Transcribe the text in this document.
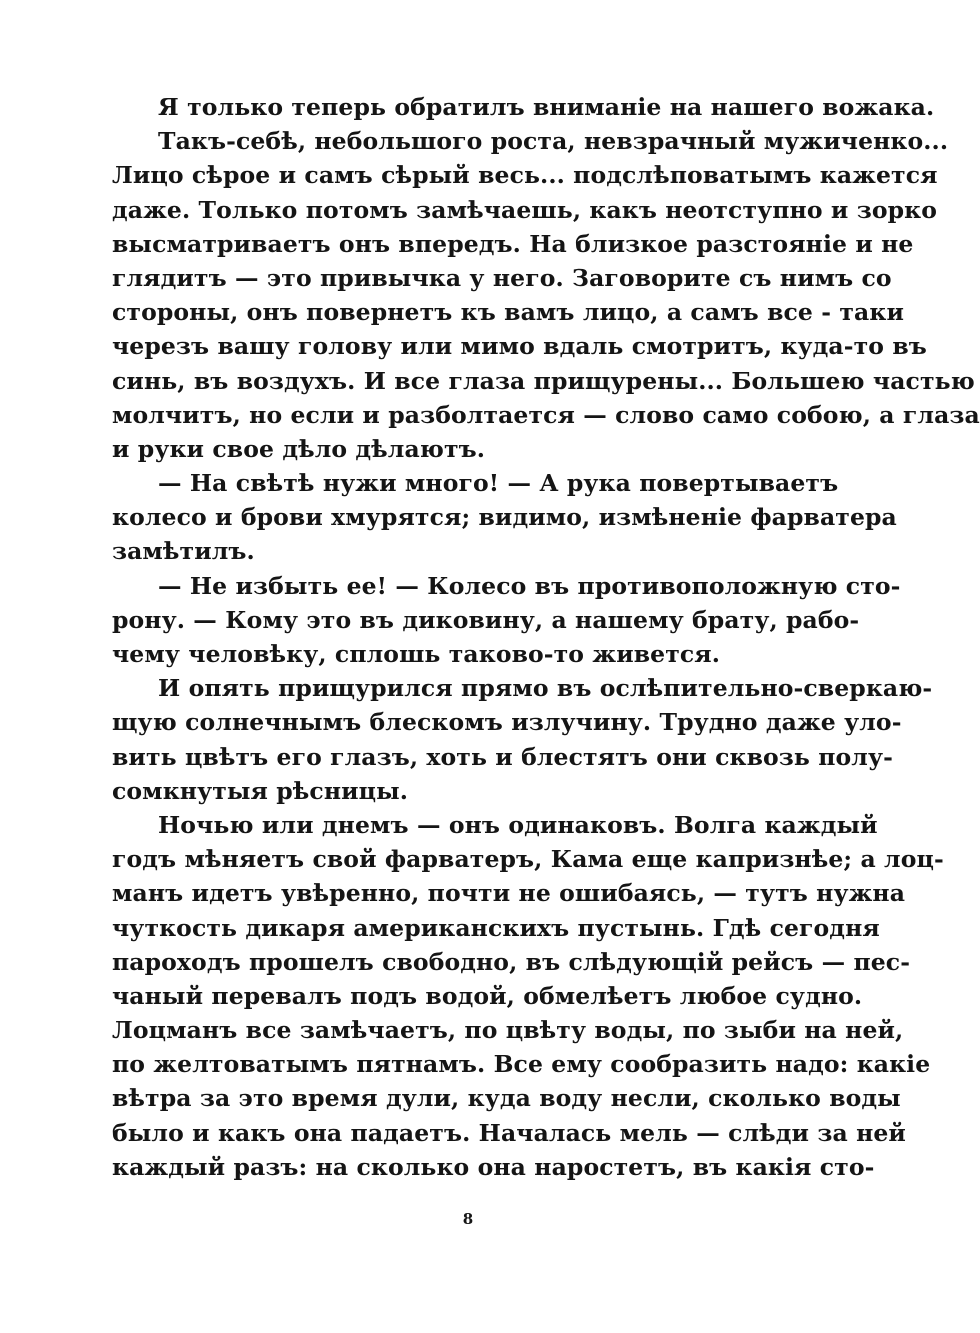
Я только теперь обратилъ вниманіе на нашего вожака.
Такъ-себѣ, небольшого роста, невзрачный мужиченко...
Лицо сѣрое и самъ сѣрый весь... подслѣповатымъ кажется
даже. Только потомъ замѣчаешь, какъ неотступно и зорко
высматриваетъ онъ впередъ. На близкое разстояніе и не
глядитъ — это привычка у него. Заговорите съ нимъ со
стороны, онъ повернетъ къ вамъ лицо, а самъ все - таки
черезъ вашу голову или мимо вдаль смотритъ, куда-то въ
синь, въ воздухъ. И все глаза прищурены... Большею частью
молчитъ, но если и разболтается — слово само собою, а глаза
и руки свое дѣло дѣлаютъ.
— На свѣтѣ нужи много! — А рука повертываетъ
колесо и брови хмурятся; видимо, измѣненіе фарватера
замѣтилъ.
— Не избыть ее! — Колесо въ противоположную сто-
рону. — Кому это въ диковину, а нашему брату, рабо-
чему человѣку, сплошь таково-то живется.
И опять прищурился прямо въ ослѣпительно-сверкаю-
щую солнечнымъ блескомъ излучину. Трудно даже уло-
вить цвѣтъ его глазъ, хоть и блестятъ они сквозь полу-
сомкнутыя рѣсницы.
Ночью или днемъ — онъ одинаковъ. Волга каждый
годъ мѣняетъ свой фарватеръ, Кама еще капризнѣе; а лоц-
манъ идетъ увѣренно, почти не ошибаясь, — тутъ нужна
чуткость дикаря американскихъ пустынь. Гдѣ сегодня
пароходъ прошелъ свободно, въ слѣдующій рейсъ — пес-
чаный перевалъ подъ водой, обмелѣетъ любое судно.
Лоцманъ все замѣчаетъ, по цвѣту воды, по зыби на ней,
по желтоватымъ пятнамъ. Все ему сообразить надо: какіе
вѣтра за это время дули, куда воду несли, сколько воды
было и какъ она падаетъ. Началась мель — слѣди за ней
каждый разъ: на сколько она наростетъ, въ какія сто-
8
